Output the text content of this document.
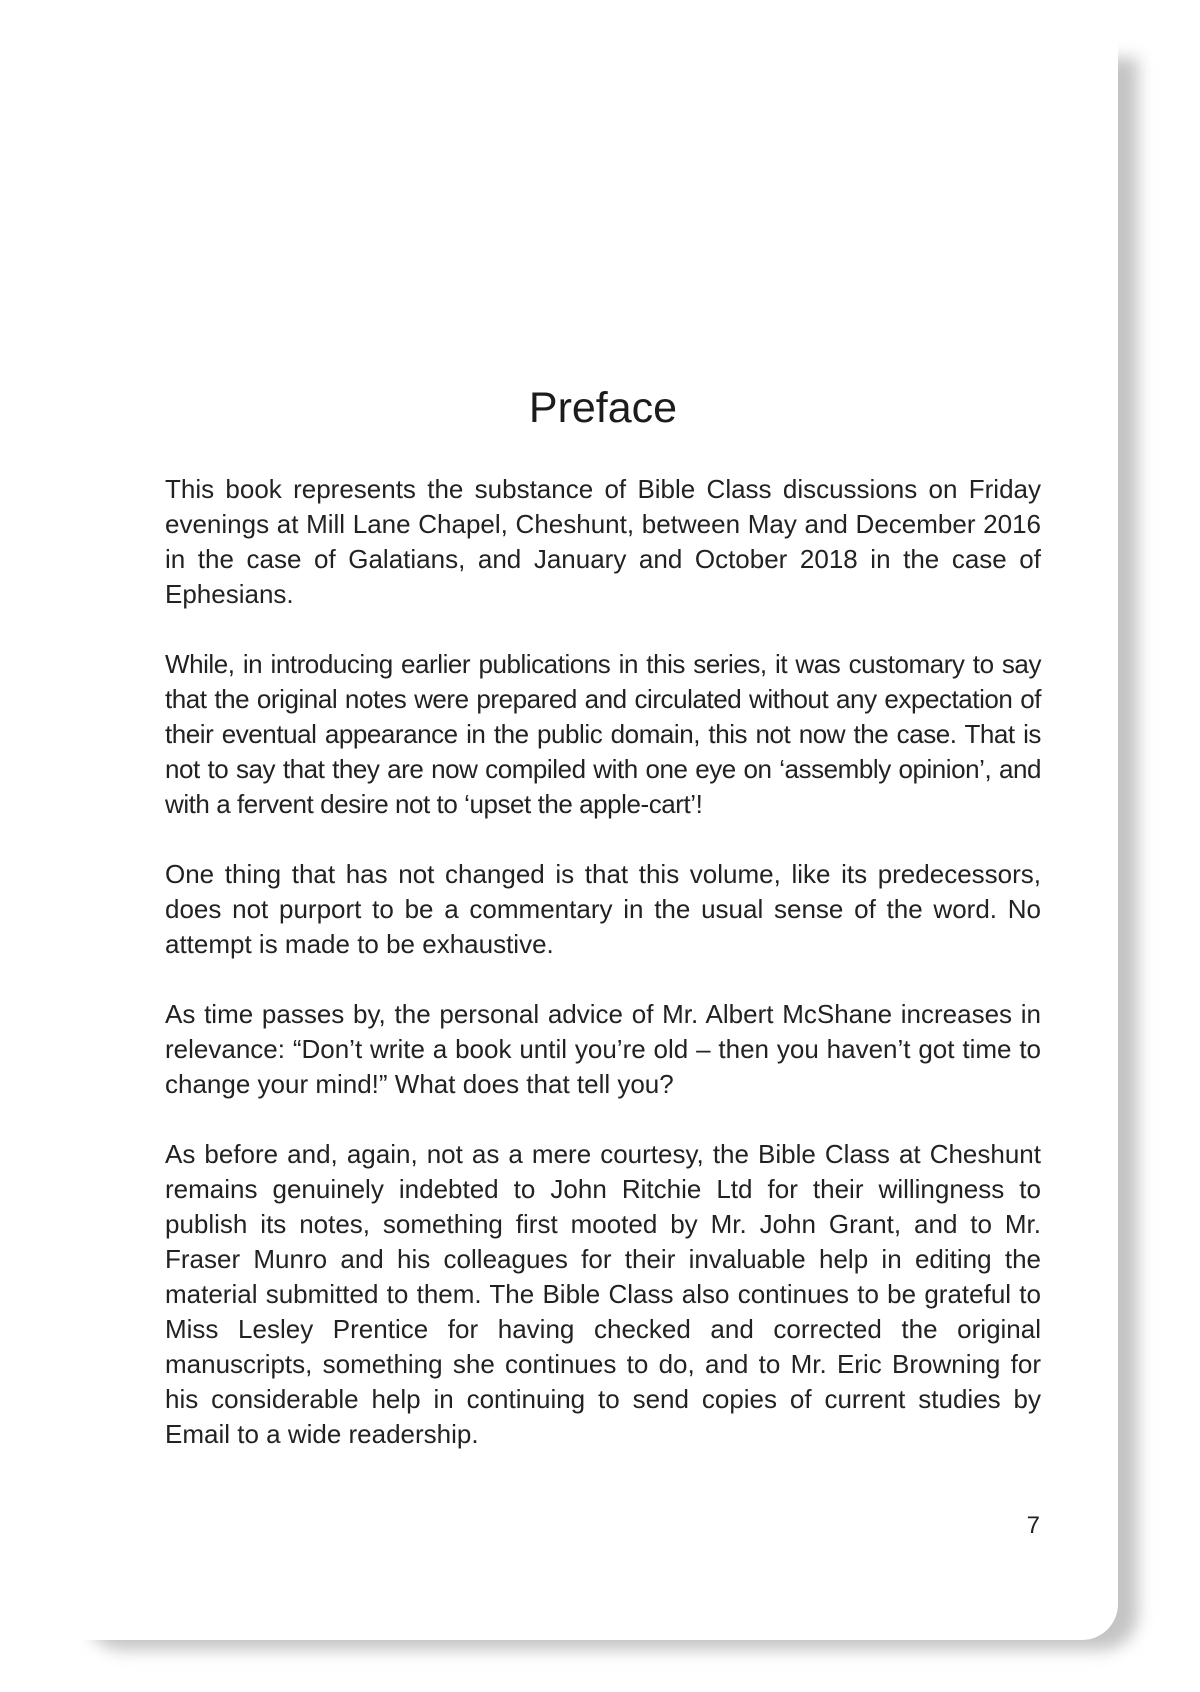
Preface

This book represents the substance of Bible Class discussions on Friday evenings at Mill Lane Chapel, Cheshunt, between May and December 2016 in the case of Galatians, and January and October 2018 in the case of Ephesians.

While, in introducing earlier publications in this series, it was customary to say that the original notes were prepared and circulated without any expectation of their eventual appearance in the public domain, this not now the case. That is not to say that they are now compiled with one eye on ‘assembly opinion’, and with a fervent desire not to ‘upset the apple-cart’!

One thing that has not changed is that this volume, like its predecessors, does not purport to be a commentary in the usual sense of the word. No attempt is made to be exhaustive.

As time passes by, the personal advice of Mr. Albert McShane increases in relevance: “Don’t write a book until you’re old – then you haven’t got time to change your mind!” What does that tell you?

As before and, again, not as a mere courtesy, the Bible Class at Cheshunt remains genuinely indebted to John Ritchie Ltd for their willingness to publish its notes, something first mooted by Mr. John Grant, and to Mr. Fraser Munro and his colleagues for their invaluable help in editing the material submitted to them. The Bible Class also continues to be grateful to Miss Lesley Prentice for having checked and corrected the original manuscripts, something she continues to do, and to Mr. Eric Browning for his considerable help in continuing to send copies of current studies by Email to a wide readership.

7
